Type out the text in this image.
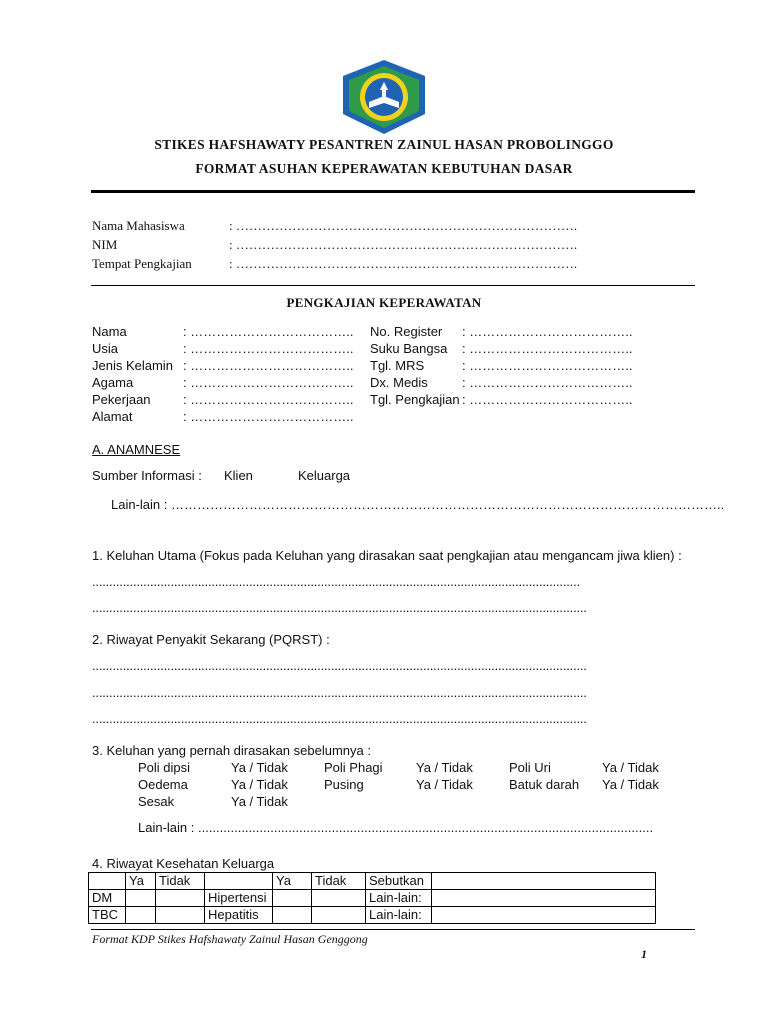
STIKES HAFSHAWATY PESANTREN ZAINUL HASAN PROBOLINGGO
FORMAT ASUHAN KEPERAWATAN KEBUTUHAN DASAR
Nama Mahasiswa	: …………………………………………………………………….
NIM	: …………………………………………………………………….
Tempat Pengkajian	: …………………………………………………………………….
PENGKAJIAN KEPERAWATAN
Nama	: ………………………………..
Usia	: ………………………………..
Jenis Kelamin : ………………………………..
Agama	: ………………………………..
Pekerjaan : ………………………………..
Alamat	: ………………………………..
No. Register : ………………………………..
Suku Bangsa : ………………………………..
Tgl. MRS	: ………………………………..
Dx. Medis	: ………………………………..
Tgl. Pengkajian : ………………………………..
A. ANAMNESE
Sumber Informasi : Klien	Keluarga
Lain-lain : ………………………………………………………………………………………………………………..
1. Keluhan Utama (Fokus pada Keluhan yang dirasakan saat pengkajian atau mengancam jiwa klien) :
...............................................................................................................................................
.................................................................................................................................................
2. Riwayat Penyakit Sekarang (PQRST) :
.................................................................................................................................................
.................................................................................................................................................
.................................................................................................................................................
3. Keluhan yang pernah dirasakan sebelumnya :
Poli dipsi	Ya / Tidak	Poli Phagi	Ya / Tidak	Poli Uri	Ya / Tidak
Oedema	Ya / Tidak	Pusing	Ya / Tidak	Batuk darah Ya / Tidak
Sesak	Ya / Tidak
Lain-lain : ..............................................................................................................................
4. Riwayat Kesehatan Keluarga
	Ya	Tidak		Ya	Tidak	Sebutkan	
DM			Hipertensi			Lain-lain:	
TBC			Hepatitis			Lain-lain:	
Format KDP Stikes Hafshawaty Zainul Hasan Genggong
1
